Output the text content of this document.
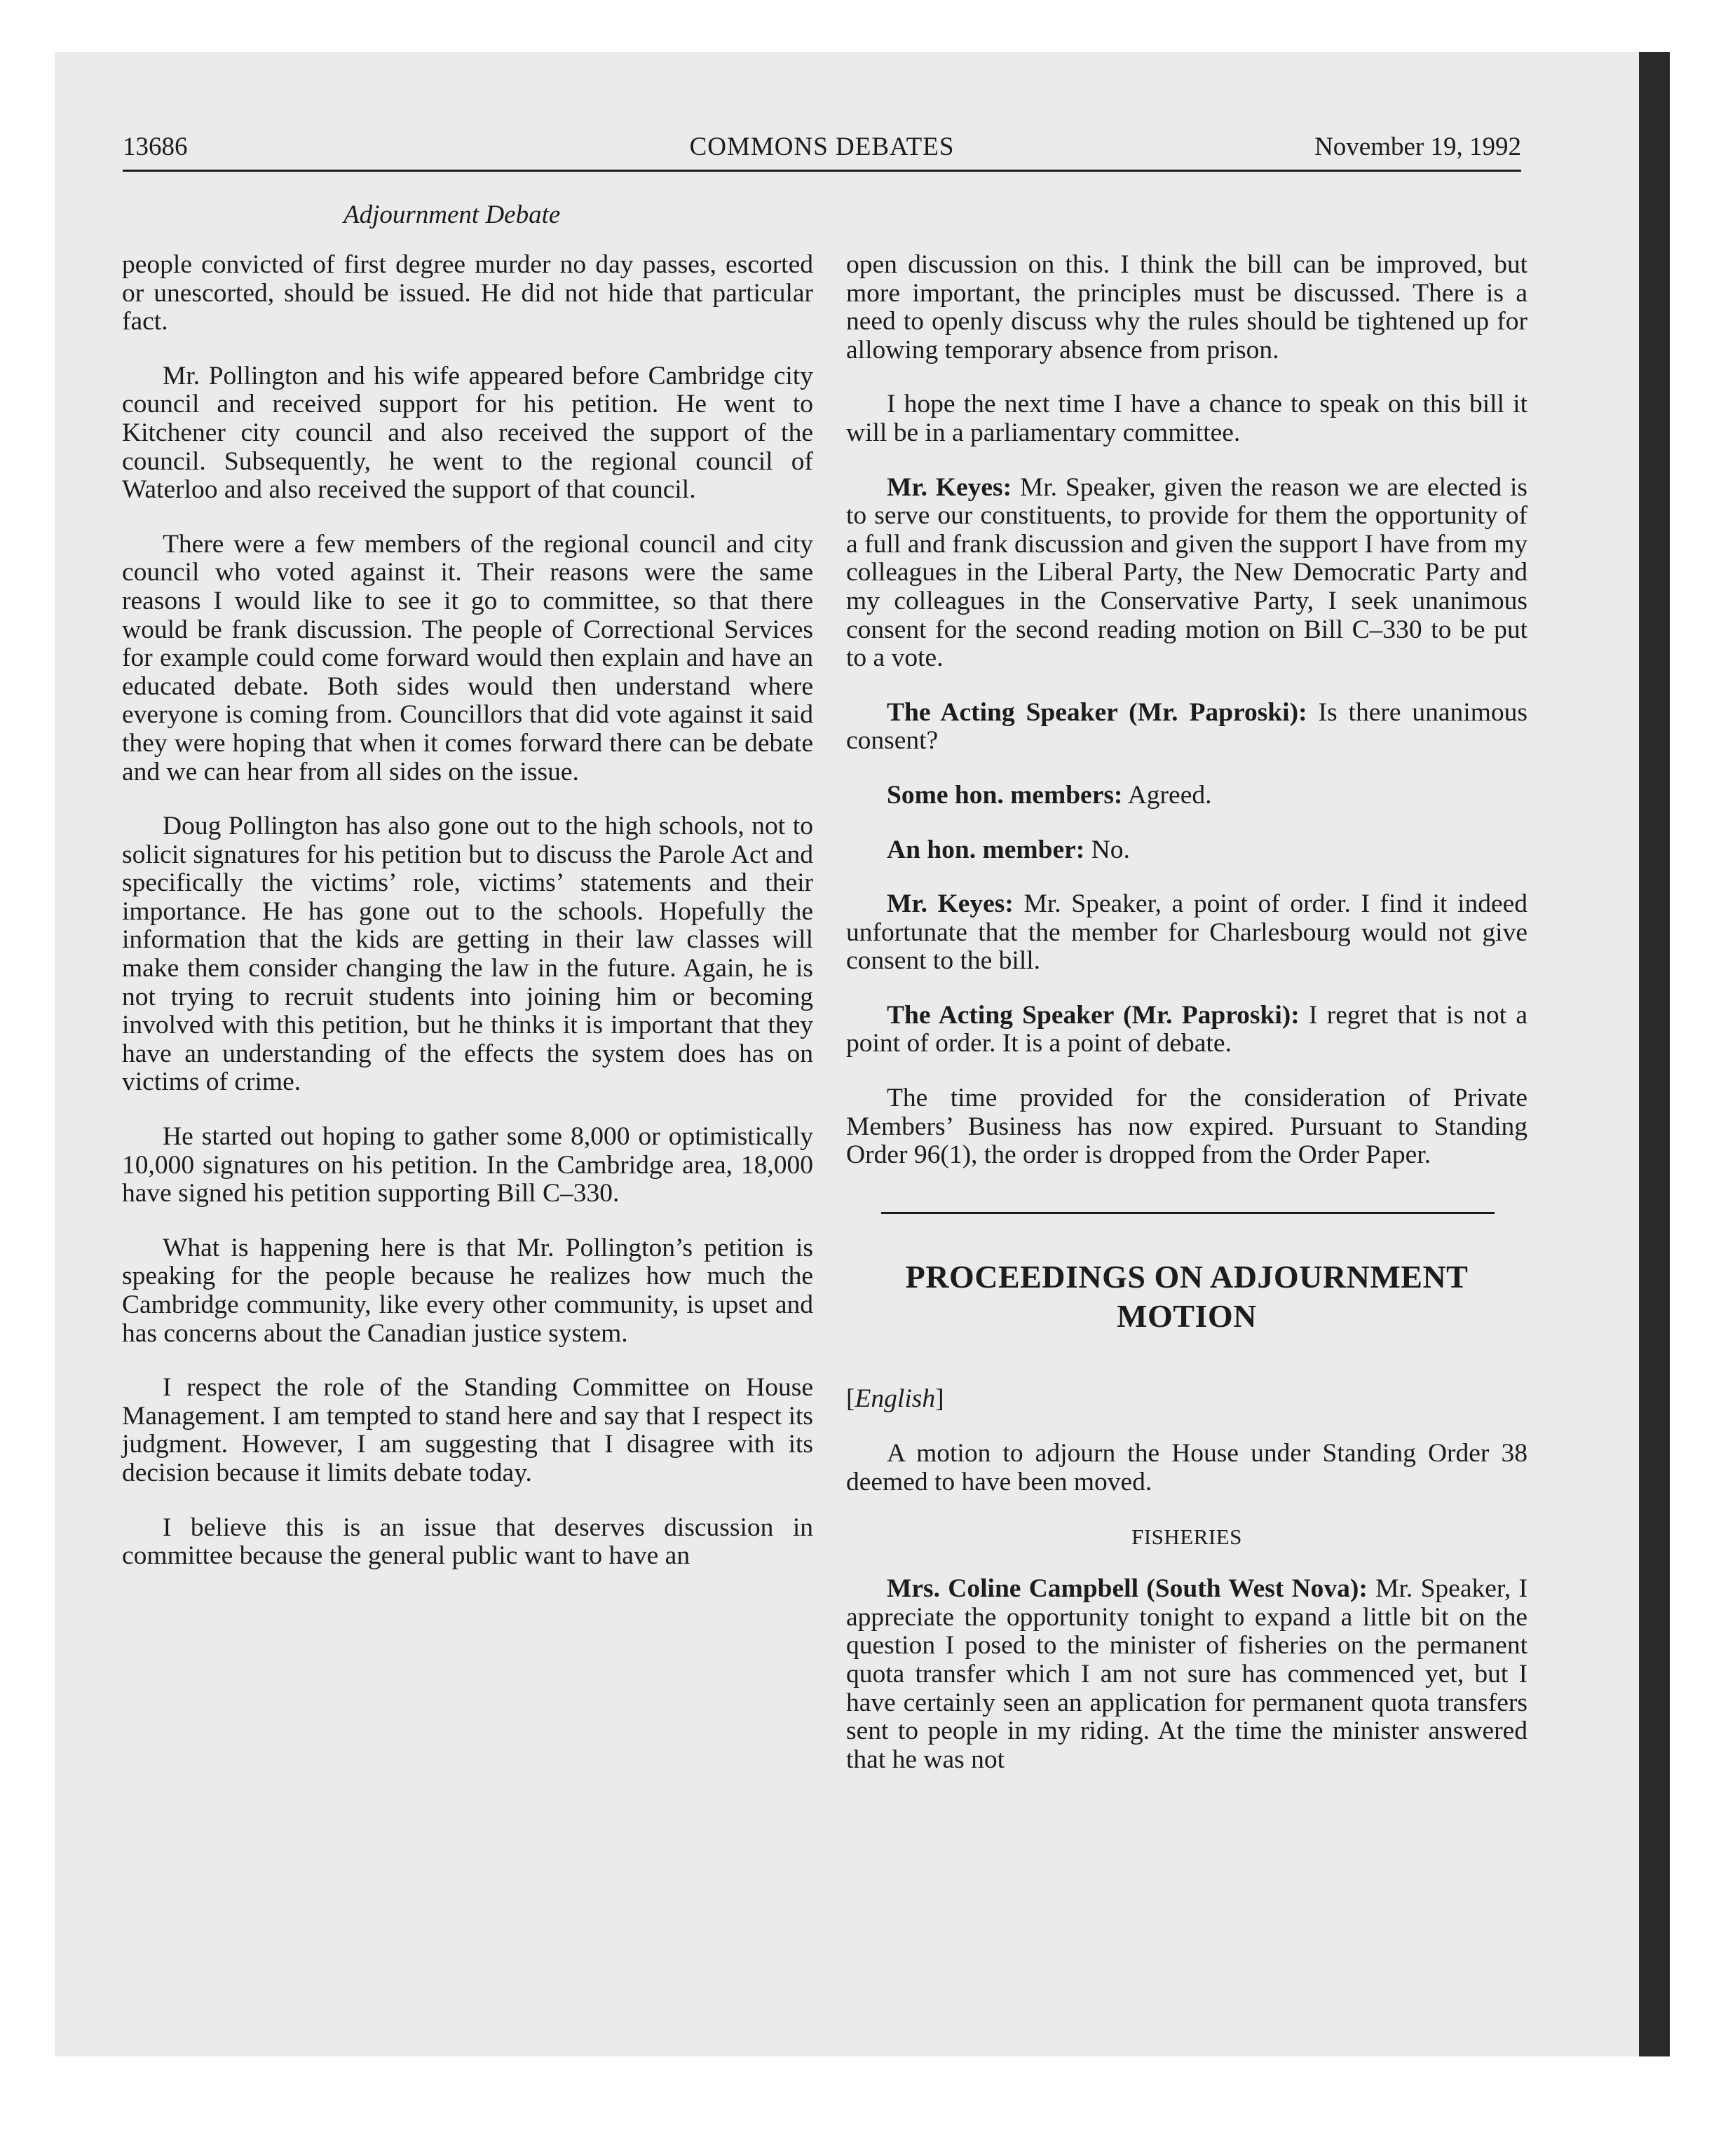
13686	COMMONS DEBATES	November 19, 1992
Adjournment Debate

people convicted of first degree murder no day passes, escorted or unescorted, should be issued. He did not hide that particular fact.

Mr. Pollington and his wife appeared before Cambridge city council and received support for his petition. He went to Kitchener city council and also received the support of the council. Subsequently, he went to the regional council of Waterloo and also received the support of that council.

There were a few members of the regional council and city council who voted against it. Their reasons were the same reasons I would like to see it go to committee, so that there would be frank discussion. The people of Correctional Services for example could come forward would then explain and have an educated debate. Both sides would then understand where everyone is coming from. Councillors that did vote against it said they were hoping that when it comes forward there can be debate and we can hear from all sides on the issue.

Doug Pollington has also gone out to the high schools, not to solicit signatures for his petition but to discuss the Parole Act and specifically the victims’ role, victims’ statements and their importance. He has gone out to the schools. Hopefully the information that the kids are getting in their law classes will make them consider changing the law in the future. Again, he is not trying to recruit students into joining him or becoming involved with this petition, but he thinks it is important that they have an understanding of the effects the system does has on victims of crime.

He started out hoping to gather some 8,000 or optimistically 10,000 signatures on his petition. In the Cambridge area, 18,000 have signed his petition supporting Bill C–330.

What is happening here is that Mr. Pollington’s petition is speaking for the people because he realizes how much the Cambridge community, like every other community, is upset and has concerns about the Canadian justice system.

I respect the role of the Standing Committee on House Management. I am tempted to stand here and say that I respect its judgment. However, I am suggesting that I disagree with its decision because it limits debate today.

I believe this is an issue that deserves discussion in committee because the general public want to have an

open discussion on this. I think the bill can be improved, but more important, the principles must be discussed. There is a need to openly discuss why the rules should be tightened up for allowing temporary absence from prison.

I hope the next time I have a chance to speak on this bill it will be in a parliamentary committee.

Mr. Keyes: Mr. Speaker, given the reason we are elected is to serve our constituents, to provide for them the opportunity of a full and frank discussion and given the support I have from my colleagues in the Liberal Party, the New Democratic Party and my colleagues in the Conservative Party, I seek unanimous consent for the second reading motion on Bill C–330 to be put to a vote.

The Acting Speaker (Mr. Paproski): Is there unanimous consent?

Some hon. members: Agreed.

An hon. member: No.

Mr. Keyes: Mr. Speaker, a point of order. I find it indeed unfortunate that the member for Charlesbourg would not give consent to the bill.

The Acting Speaker (Mr. Paproski): I regret that is not a point of order. It is a point of debate.

The time provided for the consideration of Private Members’ Business has now expired. Pursuant to Standing Order 96(1), the order is dropped from the Order Paper.

PROCEEDINGS ON ADJOURNMENT MOTION
[English]

A motion to adjourn the House under Standing Order 38 deemed to have been moved.

FISHERIES

Mrs. Coline Campbell (South West Nova): Mr. Speaker, I appreciate the opportunity tonight to expand a little bit on the question I posed to the minister of fisheries on the permanent quota transfer which I am not sure has commenced yet, but I have certainly seen an application for permanent quota transfers sent to people in my riding. At the time the minister answered that he was not
